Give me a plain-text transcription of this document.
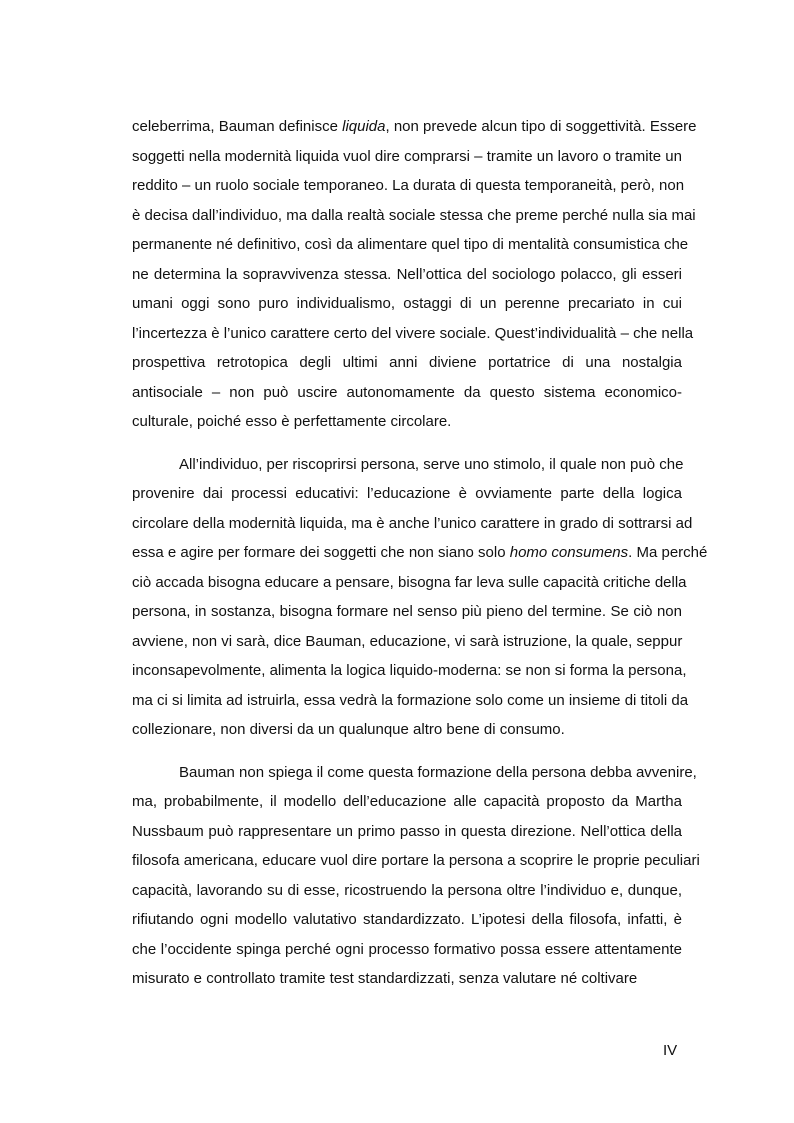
celeberrima, Bauman definisce liquida, non prevede alcun tipo di soggettività. Essere
soggetti nella modernità liquida vuol dire comprarsi – tramite un lavoro o tramite un
reddito – un ruolo sociale temporaneo. La durata di questa temporaneità, però, non
è decisa dall’individuo, ma dalla realtà sociale stessa che preme perché nulla sia mai
permanente né definitivo, così da alimentare quel tipo di mentalità consumistica che
ne determina la sopravvivenza stessa. Nell’ottica del sociologo polacco, gli esseri
umani oggi sono puro individualismo, ostaggi di un perenne precariato in cui
l’incertezza è l’unico carattere certo del vivere sociale. Quest’individualità – che nella
prospettiva retrotopica degli ultimi anni diviene portatrice di una nostalgia
antisociale – non può uscire autonomamente da questo sistema economico-
culturale, poiché esso è perfettamente circolare.
All’individuo, per riscoprirsi persona, serve uno stimolo, il quale non può che
provenire dai processi educativi: l’educazione è ovviamente parte della logica
circolare della modernità liquida, ma è anche l’unico carattere in grado di sottrarsi ad
essa e agire per formare dei soggetti che non siano solo homo consumens. Ma perché
ciò accada bisogna educare a pensare, bisogna far leva sulle capacità critiche della
persona, in sostanza, bisogna formare nel senso più pieno del termine. Se ciò non
avviene, non vi sarà, dice Bauman, educazione, vi sarà istruzione, la quale, seppur
inconsapevolmente, alimenta la logica liquido-moderna: se non si forma la persona,
ma ci si limita ad istruirla, essa vedrà la formazione solo come un insieme di titoli da
collezionare, non diversi da un qualunque altro bene di consumo.
Bauman non spiega il come questa formazione della persona debba avvenire,
ma, probabilmente, il modello dell’educazione alle capacità proposto da Martha
Nussbaum può rappresentare un primo passo in questa direzione. Nell’ottica della
filosofa americana, educare vuol dire portare la persona a scoprire le proprie peculiari
capacità, lavorando su di esse, ricostruendo la persona oltre l’individuo e, dunque,
rifiutando ogni modello valutativo standardizzato. L’ipotesi della filosofa, infatti, è
che l’occidente spinga perché ogni processo formativo possa essere attentamente
misurato e controllato tramite test standardizzati, senza valutare né coltivare
IV
